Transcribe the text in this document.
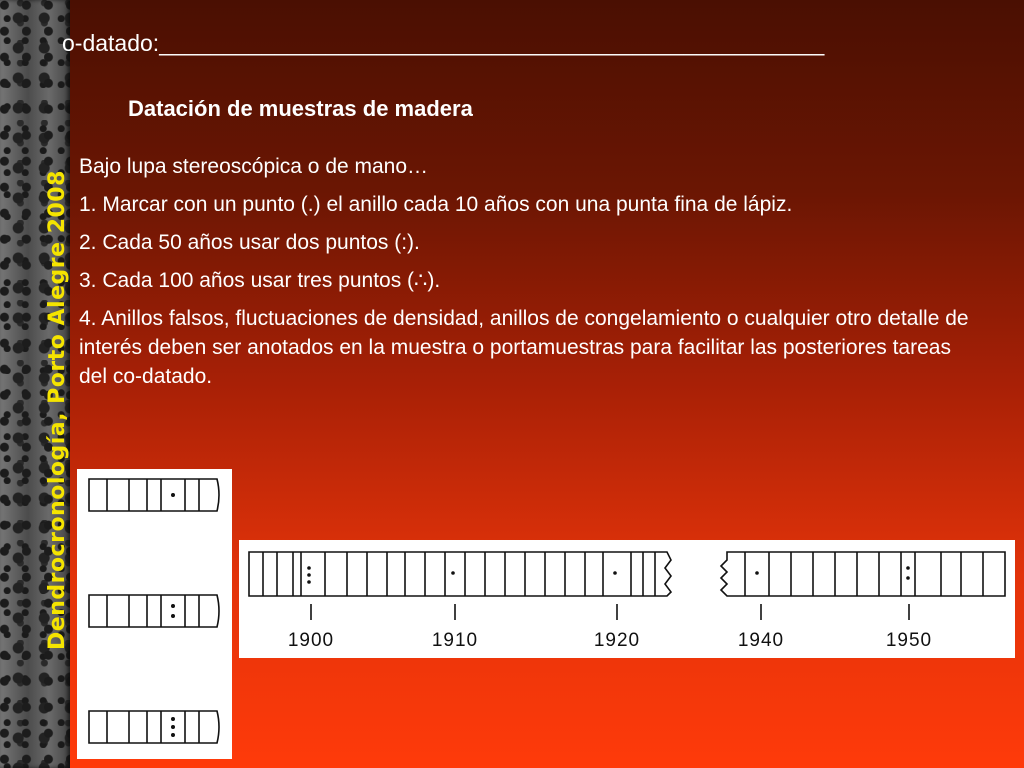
Dendrocronología, Porto Alegre 2008
o-datado:____________________________________________________
Datación de muestras de madera

Bajo lupa stereoscópica o de mano…

1. Marcar con un punto (.) el anillo cada 10 años con una punta fina de lápiz.

2. Cada 50 años usar dos puntos (:).

3. Cada 100 años usar tres puntos (∴).

4. Anillos falsos, fluctuaciones de densidad, anillos de congelamiento o cualquier otro detalle de interés deben ser anotados en la muestra o portamuestras para facilitar las posteriores tareas del co-datado.

1900	1910	1920	1940	1950
